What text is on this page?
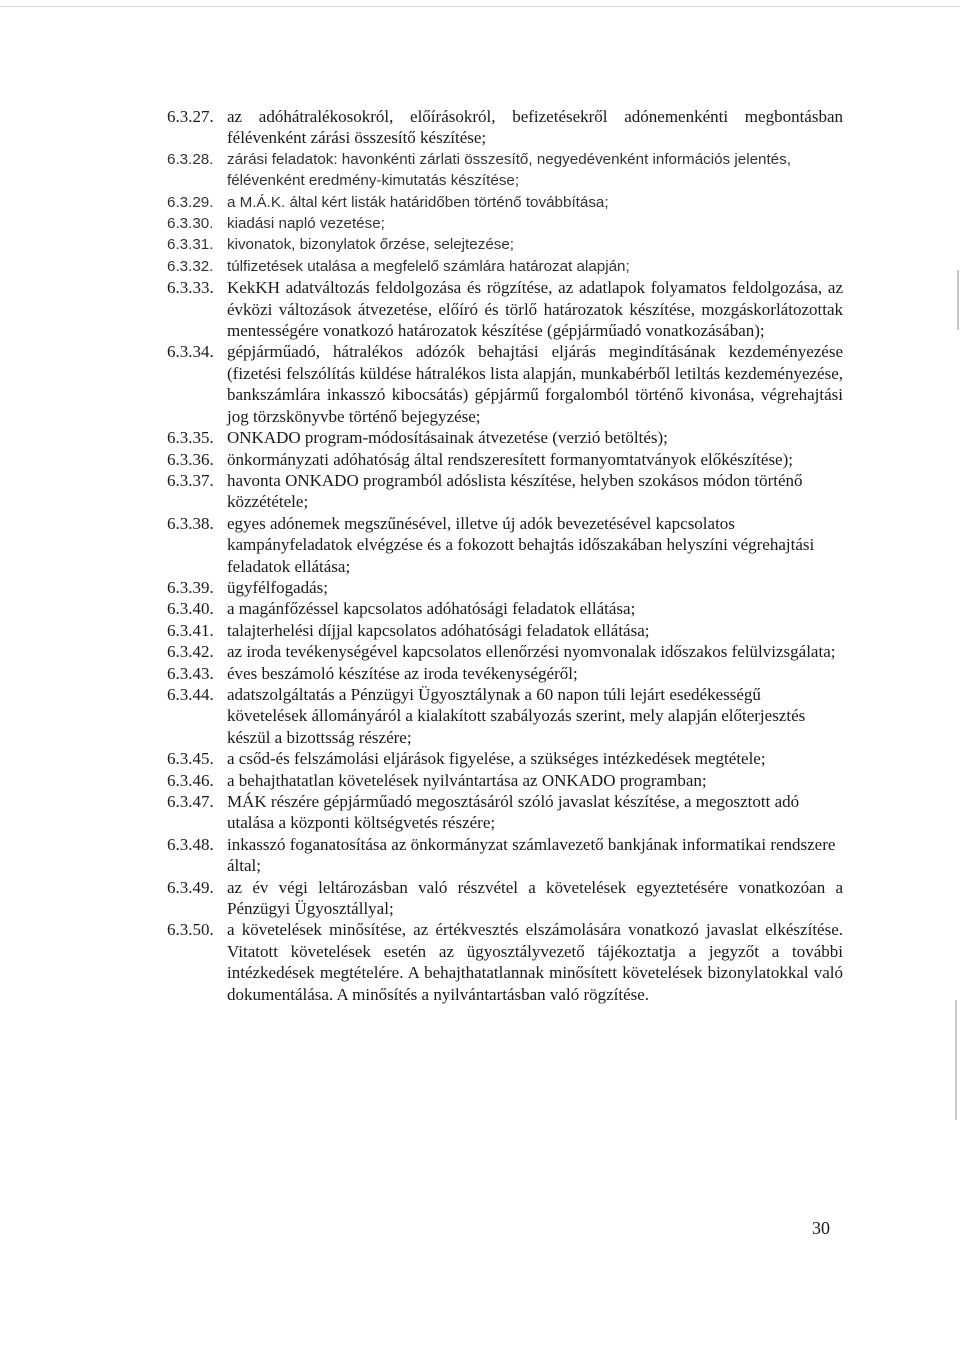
6.3.27. az adóhátralékosokról, előírásokról, befizetésekről adónemenkénti megbontásban félévenként zárási összesítő készítése;
6.3.28. zárási feladatok: havonkénti zárlati összesítő, negyedévenként információs jelentés, félévenként eredmény-kimutatás készítése;
6.3.29. a M.Á.K. által kért listák határidőben történő továbbítása;
6.3.30. kiadási napló vezetése;
6.3.31. kivonatok, bizonylatok őrzése, selejtezése;
6.3.32. túlfizetések utalása a megfelelő számlára határozat alapján;
6.3.33. KekKH adatváltozás feldolgozása és rögzítése, az adatlapok folyamatos feldolgozása, az évközi változások átvezetése, előíró és törlő határozatok készítése, mozgáskorlátozottak mentességére vonatkozó határozatok készítése (gépjárműadó vonatkozásában);
6.3.34. gépjárműadó, hátralékos adózók behajtási eljárás megindításának kezdeményezése (fizetési felszólítás küldése hátralékos lista alapján, munkabérből letiltás kezdeményezése, bankszámlára inkasszó kibocsátás) gépjármű forgalomból történő kivonása, végrehajtási jog törzskönyvbe történő bejegyzése;
6.3.35. ONKADO program-módosításainak átvezetése (verzió betöltés);
6.3.36. önkormányzati adóhatóság által rendszeresített formanyomtatványok előkészítése);
6.3.37. havonta ONKADO programból adóslista készítése, helyben szokásos módon történő közzététele;
6.3.38. egyes adónemek megszűnésével, illetve új adók bevezetésével kapcsolatos kampányfeladatok elvégzése és a fokozott behajtás időszakában helyszíni végrehajtási feladatok ellátása;
6.3.39. ügyfélfogadás;
6.3.40. a magánfőzéssel kapcsolatos adóhatósági feladatok ellátása;
6.3.41. talajterhelési díjjal kapcsolatos adóhatósági feladatok ellátása;
6.3.42. az iroda tevékenységével kapcsolatos ellenőrzési nyomvonalak időszakos felülvizsgálata;
6.3.43. éves beszámoló készítése az iroda tevékenységéről;
6.3.44. adatszolgáltatás a Pénzügyi Ügyosztálynak a 60 napon túli lejárt esedékességű követelések állományáról a kialakított szabályozás szerint, mely alapján előterjesztés készül a bizottsság részére;
6.3.45. a csőd-és felszámolási eljárások figyelése, a szükséges intézkedések megtétele;
6.3.46. a behajthatatlan követelések nyilvántartása az ONKADO programban;
6.3.47. MÁK részére gépjárműadó megosztásáról szóló javaslat készítése, a megosztott adó utalása a központi költségvetés részére;
6.3.48. inkasszó foganatosítása az önkormányzat számlavezető bankjának informatikai rendszere által;
6.3.49. az év végi leltározásban való részvétel a követelések egyeztetésére vonatkozóan a Pénzügyi Ügyosztállyal;
6.3.50. a követelések minősítése, az értékvesztés elszámolására vonatkozó javaslat elkészítése. Vitatott követelések esetén az ügyosztályvezető tájékoztatja a jegyzőt a további intézkedések megtételére. A behajthatatlannak minősített követelések bizonylatokkal való dokumentálása. A minősítés a nyilvántartásban való rögzítése.
30
